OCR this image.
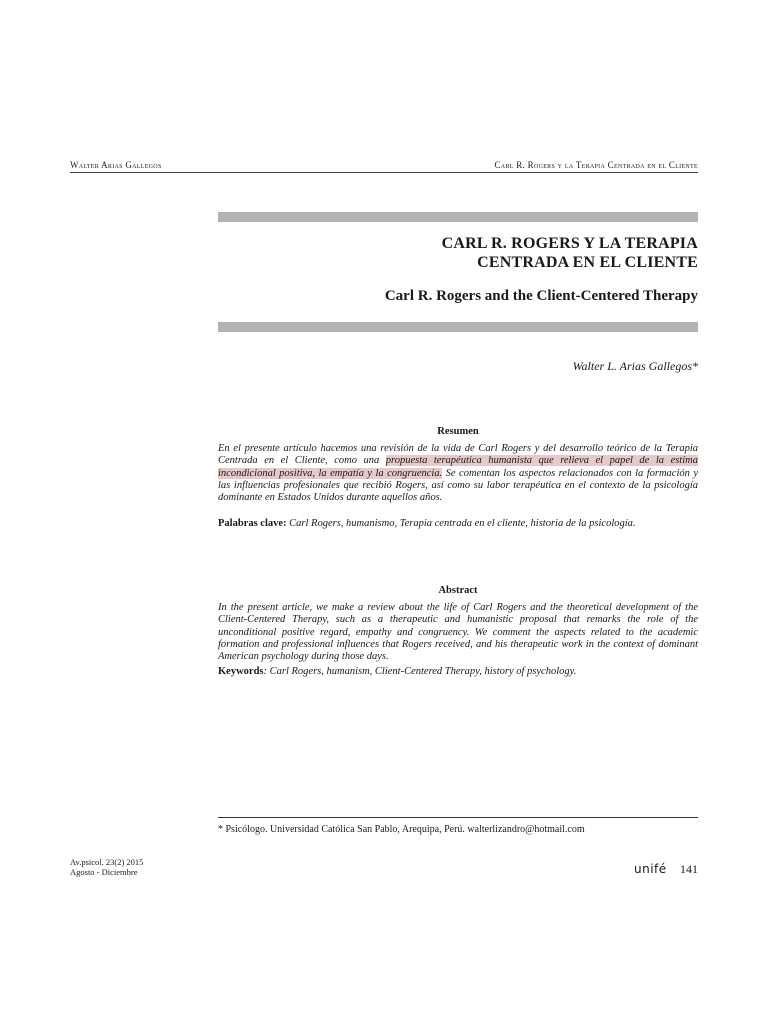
Walter Arias Gallegos	Carl R. Rogers y la Terapia Centrada en el Cliente
CARL R. ROGERS Y LA TERAPIA
CENTRADA EN EL CLIENTE
Carl R. Rogers and the Client-Centered Therapy
Walter L. Arias Gallegos*
Resumen

En el presente artículo hacemos una revisión de la vida de Carl Rogers y del desarrollo teórico de la Terapia Centrada en el Cliente, como una propuesta terapéutica humanista que relieva el papel de la estima incondicional positiva, la empatía y la congruencia. Se comentan los aspectos relacionados con la formación y las influencias profesionales que recibió Rogers, así como su labor terapéutica en el contexto de la psicología dominante en Estados Unidos durante aquellos años.

Palabras clave: Carl Rogers, humanismo, Terapia centrada en el cliente, historia de la psicología.

Abstract

In the present article, we make a review about the life of Carl Rogers and the theoretical development of the Client-Centered Therapy, such as a therapeutic and humanistic proposal that remarks the role of the unconditional positive regard, empathy and congruency. We comment the aspects related to the academic formation and professional influences that Rogers received, and his therapeutic work in the context of dominant American psychology during those days.

Keywords: Carl Rogers, humanism, Client-Centered Therapy, history of psychology.

* Psicólogo. Universidad Católica San Pablo, Arequipa, Perú. walterlizandro@hotmail.com
Av.psicol. 23(2) 2015
Agosto - Diciembre	unifé 141
